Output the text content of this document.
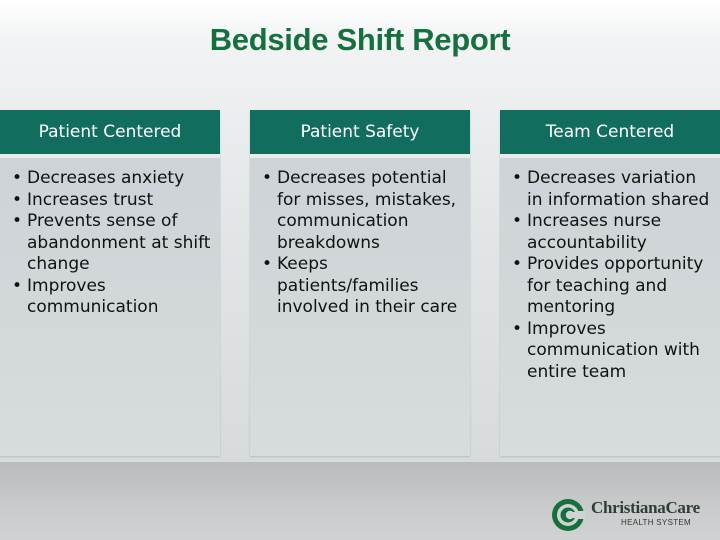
Bedside Shift Report
Patient Centered
• Decreases anxiety
• Increases trust
• Prevents sense of abandonment at shift change
• Improves communication
Patient Safety
• Decreases potential for misses, mistakes, communication breakdowns
• Keeps patients/families involved in their care
Team Centered
• Decreases variation in information shared
• Increases nurse accountability
• Provides opportunity for teaching and mentoring
• Improves communication with entire team
ChristianaCare
HEALTH SYSTEM
